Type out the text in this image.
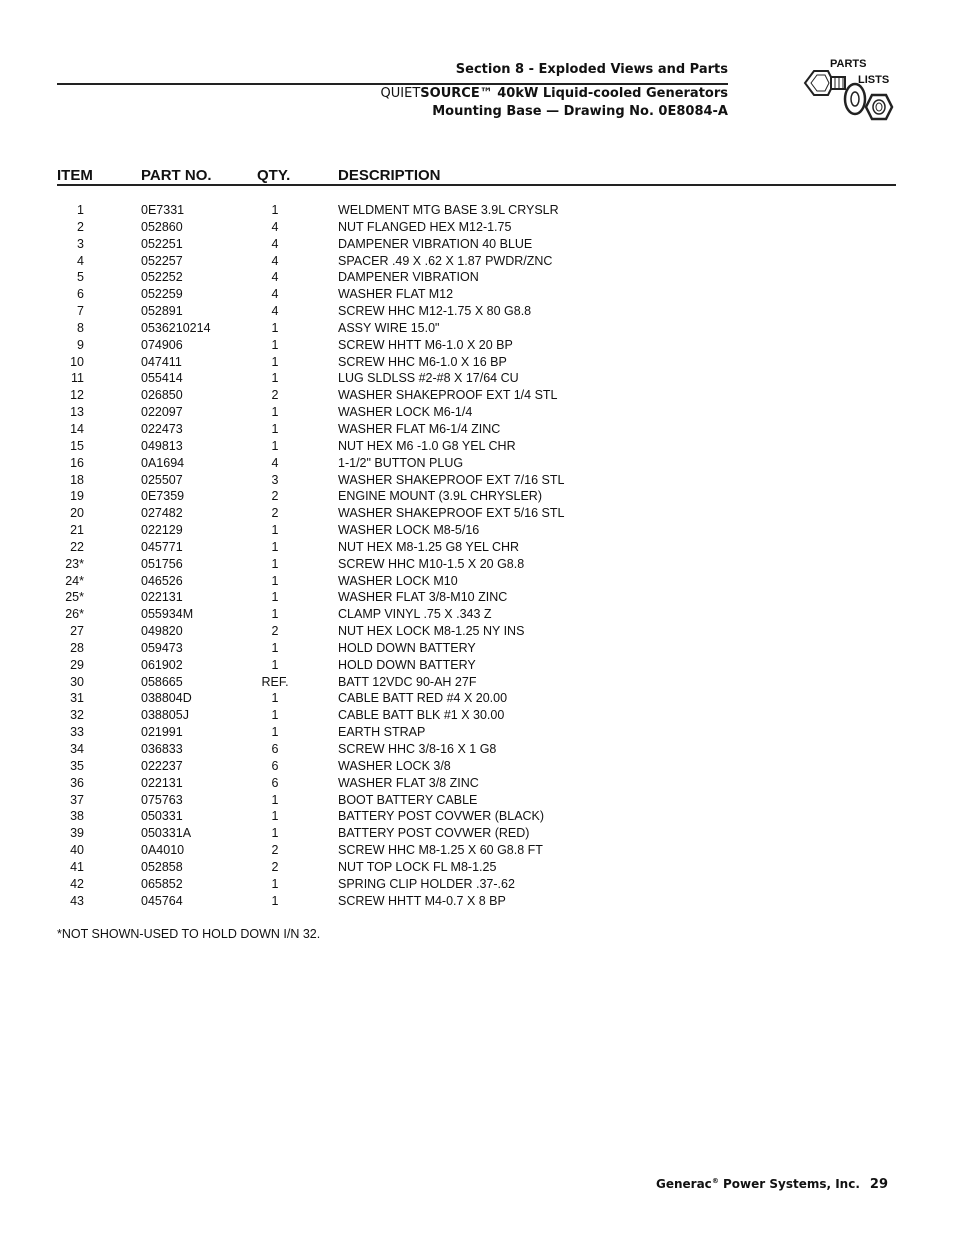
Section 8 - Exploded Views and Parts
QUIETSOURCE™ 40kW Liquid-cooled Generators
Mounting Base — Drawing No. 0E8084-A
PARTS
LISTS
ITEM	PART NO.	QTY.	DESCRIPTION
1	0E7331	1	WELDMENT MTG BASE 3.9L CRYSLR
2	052860	4	NUT FLANGED HEX M12-1.75
3	052251	4	DAMPENER VIBRATION 40 BLUE
4	052257	4	SPACER .49 X .62 X 1.87 PWDR/ZNC
5	052252	4	DAMPENER VIBRATION
6	052259	4	WASHER FLAT M12
7	052891	4	SCREW HHC M12-1.75 X 80 G8.8
8	0536210214	1	ASSY WIRE 15.0"
9	074906	1	SCREW HHTT M6-1.0 X 20 BP
10	047411	1	SCREW HHC M6-1.0 X 16 BP
11	055414	1	LUG SLDLSS #2-#8 X 17/64 CU
12	026850	2	WASHER SHAKEPROOF EXT 1/4 STL
13	022097	1	WASHER LOCK M6-1/4
14	022473	1	WASHER FLAT M6-1/4 ZINC
15	049813	1	NUT HEX M6 -1.0 G8 YEL CHR
16	0A1694	4	1-1/2" BUTTON PLUG
18	025507	3	WASHER SHAKEPROOF EXT 7/16 STL
19	0E7359	2	ENGINE MOUNT (3.9L CHRYSLER)
20	027482	2	WASHER SHAKEPROOF EXT 5/16 STL
21	022129	1	WASHER LOCK M8-5/16
22	045771	1	NUT HEX M8-1.25 G8 YEL CHR
23*	051756	1	SCREW HHC M10-1.5 X 20 G8.8
24*	046526	1	WASHER LOCK M10
25*	022131	1	WASHER FLAT 3/8-M10 ZINC
26*	055934M	1	CLAMP VINYL .75 X .343 Z
27	049820	2	NUT HEX LOCK M8-1.25 NY INS
28	059473	1	HOLD DOWN BATTERY
29	061902	1	HOLD DOWN BATTERY
30	058665	REF.	BATT 12VDC 90-AH 27F
31	038804D	1	CABLE BATT RED #4 X 20.00
32	038805J	1	CABLE BATT BLK #1 X 30.00
33	021991	1	EARTH STRAP
34	036833	6	SCREW HHC 3/8-16 X 1 G8
35	022237	6	WASHER LOCK 3/8
36	022131	6	WASHER FLAT 3/8 ZINC
37	075763	1	BOOT BATTERY CABLE
38	050331	1	BATTERY POST COVWER (BLACK)
39	050331A	1	BATTERY POST COVWER (RED)
40	0A4010	2	SCREW HHC M8-1.25 X 60 G8.8 FT
41	052858	2	NUT TOP LOCK FL M8-1.25
42	065852	1	SPRING CLIP HOLDER .37-.62
43	045764	1	SCREW HHTT M4-0.7 X 8 BP
*NOT SHOWN-USED TO HOLD DOWN I/N 32.
Generac® Power Systems, Inc. 29
